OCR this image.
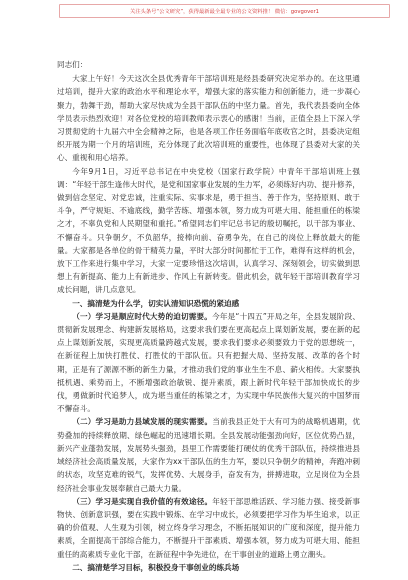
关注头条号“公文研究”，获得最新最全最专业的公文资料推！ 微信：govgover1

同志们：

大家上午好！今天这次全县优秀青年干部培训班是经县委研究决定举办的。在这里通过培训，提升大家的政治水平和理论水平，增强大家的落实能力和创新能力，进一步凝心聚力，勃舞干劲，帮助大家尽快成为全县干部队伍的中坚力量。首先，我代表县委向全体学员表示热烈欢迎！对各位党校的培训教师表示衷心的感谢！当前，正值全县上下深入学习贯彻党的十九届六中全会精神之际，也是各项工作任务面临年底收官之时，县委决定组织开展为期一个月的培训班，充分体现了此次培训班的重要性，也体现了县委对大家的关心、重视和用心培养。

今年9月1日，习近平总书记在中央党校（国家行政学院）中青年干部培训班上强调：“年轻干部生逢伟大时代，是党和国家事业发展的生力军，必须练好内功、提升修养，做到信念坚定、对党忠诚，注重实际、实事求是，勇于担当、善于作为，坚持原则、敢于斗争，严守规矩、不逾底线，勤学苦练、增强本领，努力成为可堪大用、能担重任的栋梁之才，不辜负党和人民期望和重托。”希望同志们牢记总书记的殷切嘱托，以干部为事业、不懈奋斗。只争朝夕，不负韶华，接棒向前、奋勇争先，在自己的岗位上释放最大的能量。大家都是各单位的骨干精英力量，平时大部分时间都忙于工作，难得有这样的机会，放下工作来进行集中学习，大家一定要珍惜这次培训，认真学习、深刻领会，切实做到思想上有新提高、能力上有新进步、作风上有新转变。借此机会，就年轻干部培训教育学习成长问题，讲几点意见。

一、搞清楚为什么学，切实认清知识恐慌的紧迫感

（一）学习是顺应时代大势的迫切需要。今年是“十四五”开局之年，全县发展阶段、贯彻新发展理念、构建新发展格局，这要求我们要在更高起点上谋划新发展，要在新的起点上谋划新发展，实现更高质量跨越式发展，要求我们要求必须要致力于党的思想统一，在新征程上加快打胜仗、打胜仗的干部队伍。只有把握大局、坚持发展、改革的各个时期，正是有了源源不断的新生力量，才推动我们党的事业生生不息、薪火相传。大家要执抵机遇、乘势而上，不断增强政治敏锐、提升素质，跟上新时代年轻干部加快成长的步伐，勇做新时代追梦人，成为堪当重任的栋梁之才，为实现中华民族伟大复兴的中国梦而不懈奋斗。

（二）学习是助力县域发展的现实需要。当前我县正处于大有可为的战略机遇期，优势叠加的持续释放期、绿色崛起的迅速增长期。全县发展动能强劲向好，区位优势凸显，新兴产业蓬勃发展，发展势头强劲，县里工作需要能打硬仗的优秀干部队伍，持续推进县域经济社会高质量发展，大家作为xx干部队伍的生力军，要以只争朝夕的精神，奔跑冲刺的状态，攻坚克难的锐气，发挥优势、大展身手，奋发有为，拼搏进取，立足岗位为全县经济社会事业发展奉献自己最大力量。

（三）学习是实现自我价值的有效途径。年轻干部思维活跃、学习能力强、接受新事物快、创新意识强，要在实践中锻炼、在学习中成长，必须要把学习作为毕生追求，以正确的价值观、人生观为引领，树立终身学习理念，不断拓展知识的广度和深度，提升能力素质，全面提高干部综合能力，不断提升干部素质、增强本领，努力成为可堪大用、能担重任的高素质专业化干部，在新征程中争先进位，在干事创业的道路上勇立潮头。

二、搞清楚学习目标，积极投身干事创业的练兵场
